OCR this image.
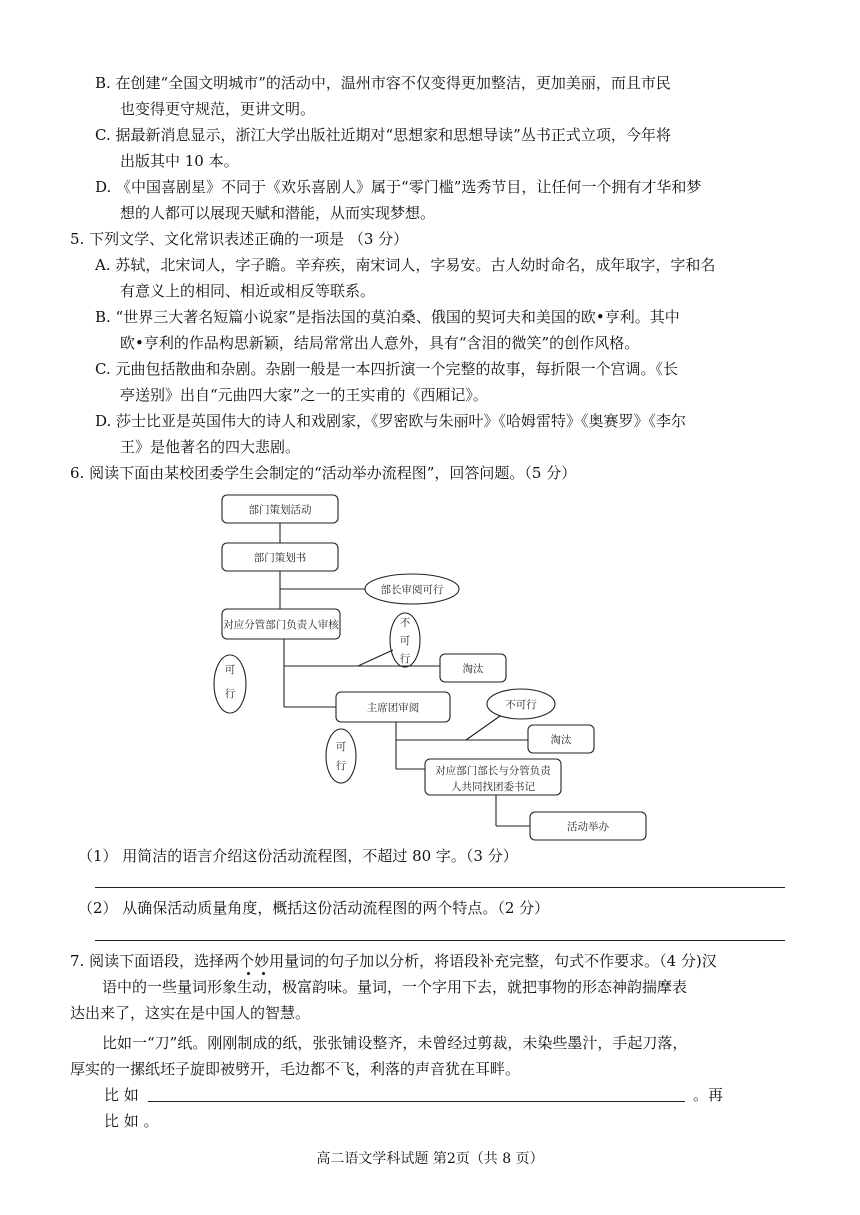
B. 在创建“全国文明城市”的活动中，温州市容不仅变得更加整洁，更加美丽，而且市民
也变得更守规范，更讲文明。
C. 据最新消息显示，浙江大学出版社近期对“思想家和思想导读”丛书正式立项，今年将
出版其中 10 本。
D. 《中国喜剧星》不同于《欢乐喜剧人》属于“零门槛”选秀节目，让任何一个拥有才华和梦
想的人都可以展现天赋和潜能，从而实现梦想。
5. 下列文学、文化常识表述正确的一项是 （3 分）
A. 苏轼，北宋词人，字子瞻。辛弃疾，南宋词人，字易安。古人幼时命名，成年取字，字和名
有意义上的相同、相近或相反等联系。
B. “世界三大著名短篇小说家”是指法国的莫泊桑、俄国的契诃夫和美国的欧•亨利。其中
欧•亨利的作品构思新颖，结局常常出人意外，具有“含泪的微笑”的创作风格。
C. 元曲包括散曲和杂剧。杂剧一般是一本四折演一个完整的故事，每折限一个宫调。《长
亭送别》出自“元曲四大家”之一的王实甫的《西厢记》。
D. 莎士比亚是英国伟大的诗人和戏剧家，《罗密欧与朱丽叶》《哈姆雷特》《奥赛罗》《李尔
王》是他著名的四大悲剧。
6. 阅读下面由某校团委学生会制定的“活动举办流程图”，回答问题。（5 分）
部门策划活动
部门策划书
部长审阅可行
对应分管部门负责人审核	不
可
行
淘汰
可
行
主席团审阅	不可行
淘汰
可
行	对应部门部长与分管负责
人共同找团委书记
活动举办
（1） 用简洁的语言介绍这份活动流程图，不超过 80 字。（3 分）
（2） 从确保活动质量角度，概括这份活动流程图的两个特点。（2 分）
7. 阅读下面语段，选择两个妙用量词的句子加以分析，将语段补充完整，句式不作要求。（4 分)汉
语中的一些量词形象生动，极富韵味。量词，一个字用下去，就把事物的形态神韵揣摩表
达出来了，这实在是中国人的智慧。
比如一“刀”纸。刚刚制成的纸，张张铺设整齐，未曾经过剪裁，未染些墨汁，手起刀落，
厚实的一摞纸坯子旋即被劈开，毛边都不飞，利落的声音犹在耳畔。
比 如	。再
比 如 。
高二语文学科试题 第2页（共 8 页）
